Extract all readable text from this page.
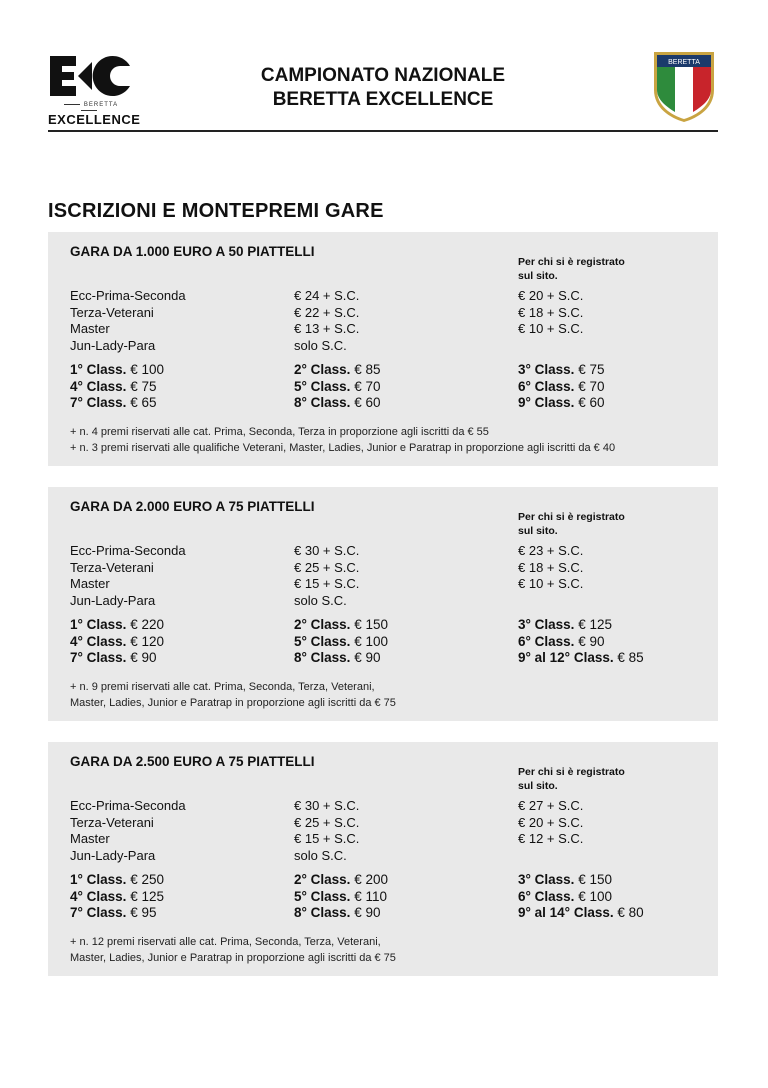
BERETTA
EXCELLENCE
CAMPIONATO NAZIONALE
BERETTA EXCELLENCE
BERETTA
ISCRIZIONI E MONTEPREMI GARE
GARA DA 1.000 EURO A 50 PIATTELLI
Per chi si è registrato
sul sito.
Ecc-Prima-Seconda	€ 24 + S.C.	€ 20 + S.C.
Terza-Veterani	€ 22 + S.C.	€ 18 + S.C.
Master	€ 13 + S.C.	€ 10 + S.C.
Jun-Lady-Para	solo S.C.
1° Class. € 100	2° Class. € 85	3° Class. € 75
4° Class. € 75	5° Class. € 70	6° Class. € 70
7° Class. € 65	8° Class. € 60	9° Class. € 60
+ n. 4 premi riservati alle cat. Prima, Seconda, Terza in proporzione agli iscritti da € 55
+ n. 3 premi riservati alle qualifiche Veterani, Master, Ladies, Junior e Paratrap in proporzione agli iscritti da € 40
GARA DA 2.000 EURO A 75 PIATTELLI
Per chi si è registrato
sul sito.
Ecc-Prima-Seconda	€ 30 + S.C.	€ 23 + S.C.
Terza-Veterani	€ 25 + S.C.	€ 18 + S.C.
Master	€ 15 + S.C.	€ 10 + S.C.
Jun-Lady-Para	solo S.C.
1° Class. € 220	2° Class. € 150	3° Class. € 125
4° Class. € 120	5° Class. € 100	6° Class. € 90
7° Class. € 90	8° Class. € 90	9° al 12° Class. € 85
+ n. 9 premi riservati alle cat. Prima, Seconda, Terza, Veterani,
Master, Ladies, Junior e Paratrap in proporzione agli iscritti da € 75
GARA DA 2.500 EURO A 75 PIATTELLI
Per chi si è registrato
sul sito.
Ecc-Prima-Seconda	€ 30 + S.C.	€ 27 + S.C.
Terza-Veterani	€ 25 + S.C.	€ 20 + S.C.
Master	€ 15 + S.C.	€ 12 + S.C.
Jun-Lady-Para	solo S.C.
1° Class. € 250	2° Class. € 200	3° Class. € 150
4° Class. € 125	5° Class. € 110	6° Class. € 100
7° Class. € 95	8° Class. € 90	9° al 14° Class. € 80
+ n. 12 premi riservati alle cat. Prima, Seconda, Terza, Veterani,
Master, Ladies, Junior e Paratrap in proporzione agli iscritti da € 75
